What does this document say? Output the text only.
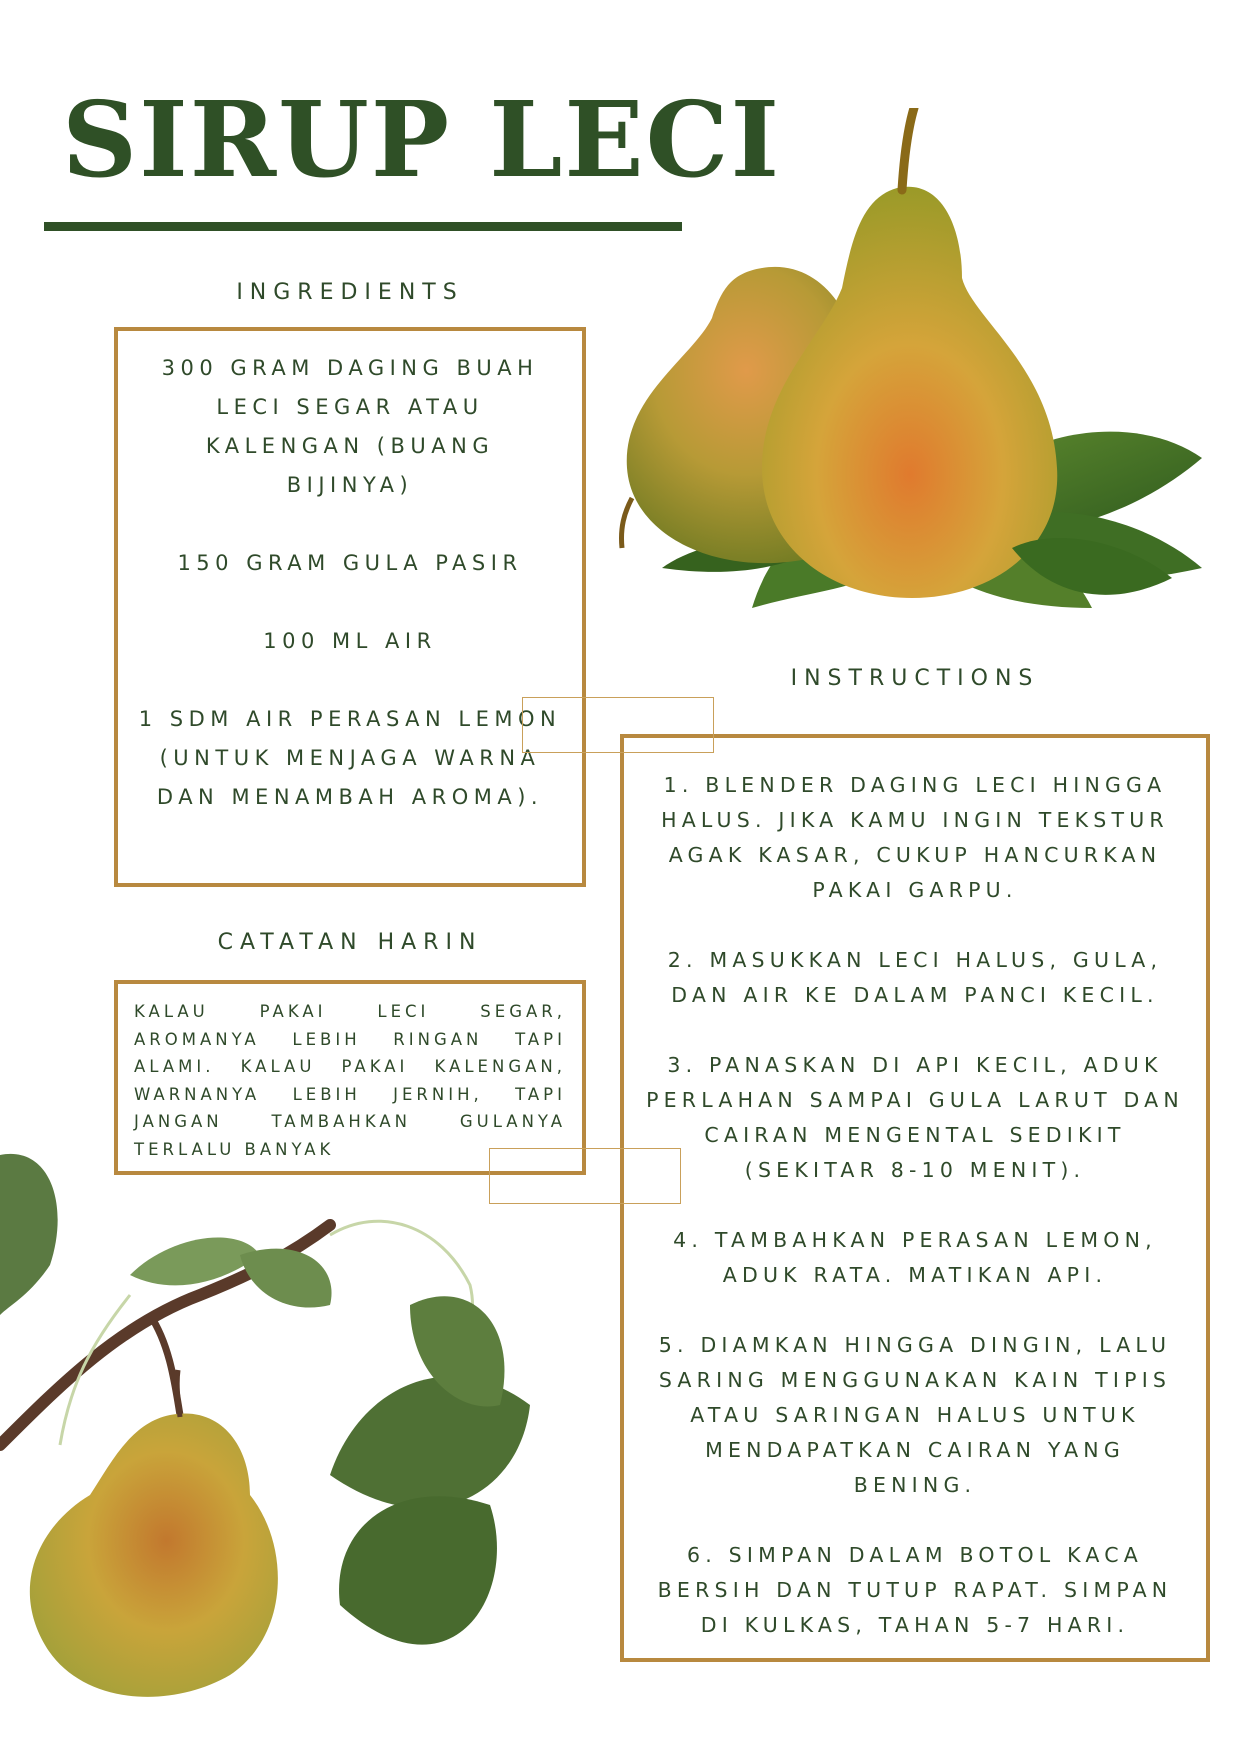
SIRUP LECI
INGREDIENTS

300 GRAM DAGING BUAH LECI SEGAR ATAU KALENGAN (BUANG BIJINYA)

150 GRAM GULA PASIR

100 ML AIR

1 SDM AIR PERASAN LEMON (UNTUK MENJAGA WARNA DAN MENAMBAH AROMA).

CATATAN HARIN
KALAU PAKAI LECI SEGAR, AROMANYA LEBIH RINGAN TAPI ALAMI. KALAU PAKAI KALENGAN, WARNANYA LEBIH JERNIH, TAPI JANGAN TAMBAHKAN GULANYA TERLALU BANYAK
INSTRUCTIONS

1. BLENDER DAGING LECI HINGGA HALUS. JIKA KAMU INGIN TEKSTUR AGAK KASAR, CUKUP HANCURKAN PAKAI GARPU.

2. MASUKKAN LECI HALUS, GULA, DAN AIR KE DALAM PANCI KECIL.

3. PANASKAN DI API KECIL, ADUK PERLAHAN SAMPAI GULA LARUT DAN CAIRAN MENGENTAL SEDIKIT (SEKITAR 8-10 MENIT).

4. TAMBAHKAN PERASAN LEMON, ADUK RATA. MATIKAN API.

5. DIAMKAN HINGGA DINGIN, LALU SARING MENGGUNAKAN KAIN TIPIS ATAU SARINGAN HALUS UNTUK MENDAPATKAN CAIRAN YANG BENING.

6. SIMPAN DALAM BOTOL KACA BERSIH DAN TUTUP RAPAT. SIMPAN DI KULKAS, TAHAN 5-7 HARI.
